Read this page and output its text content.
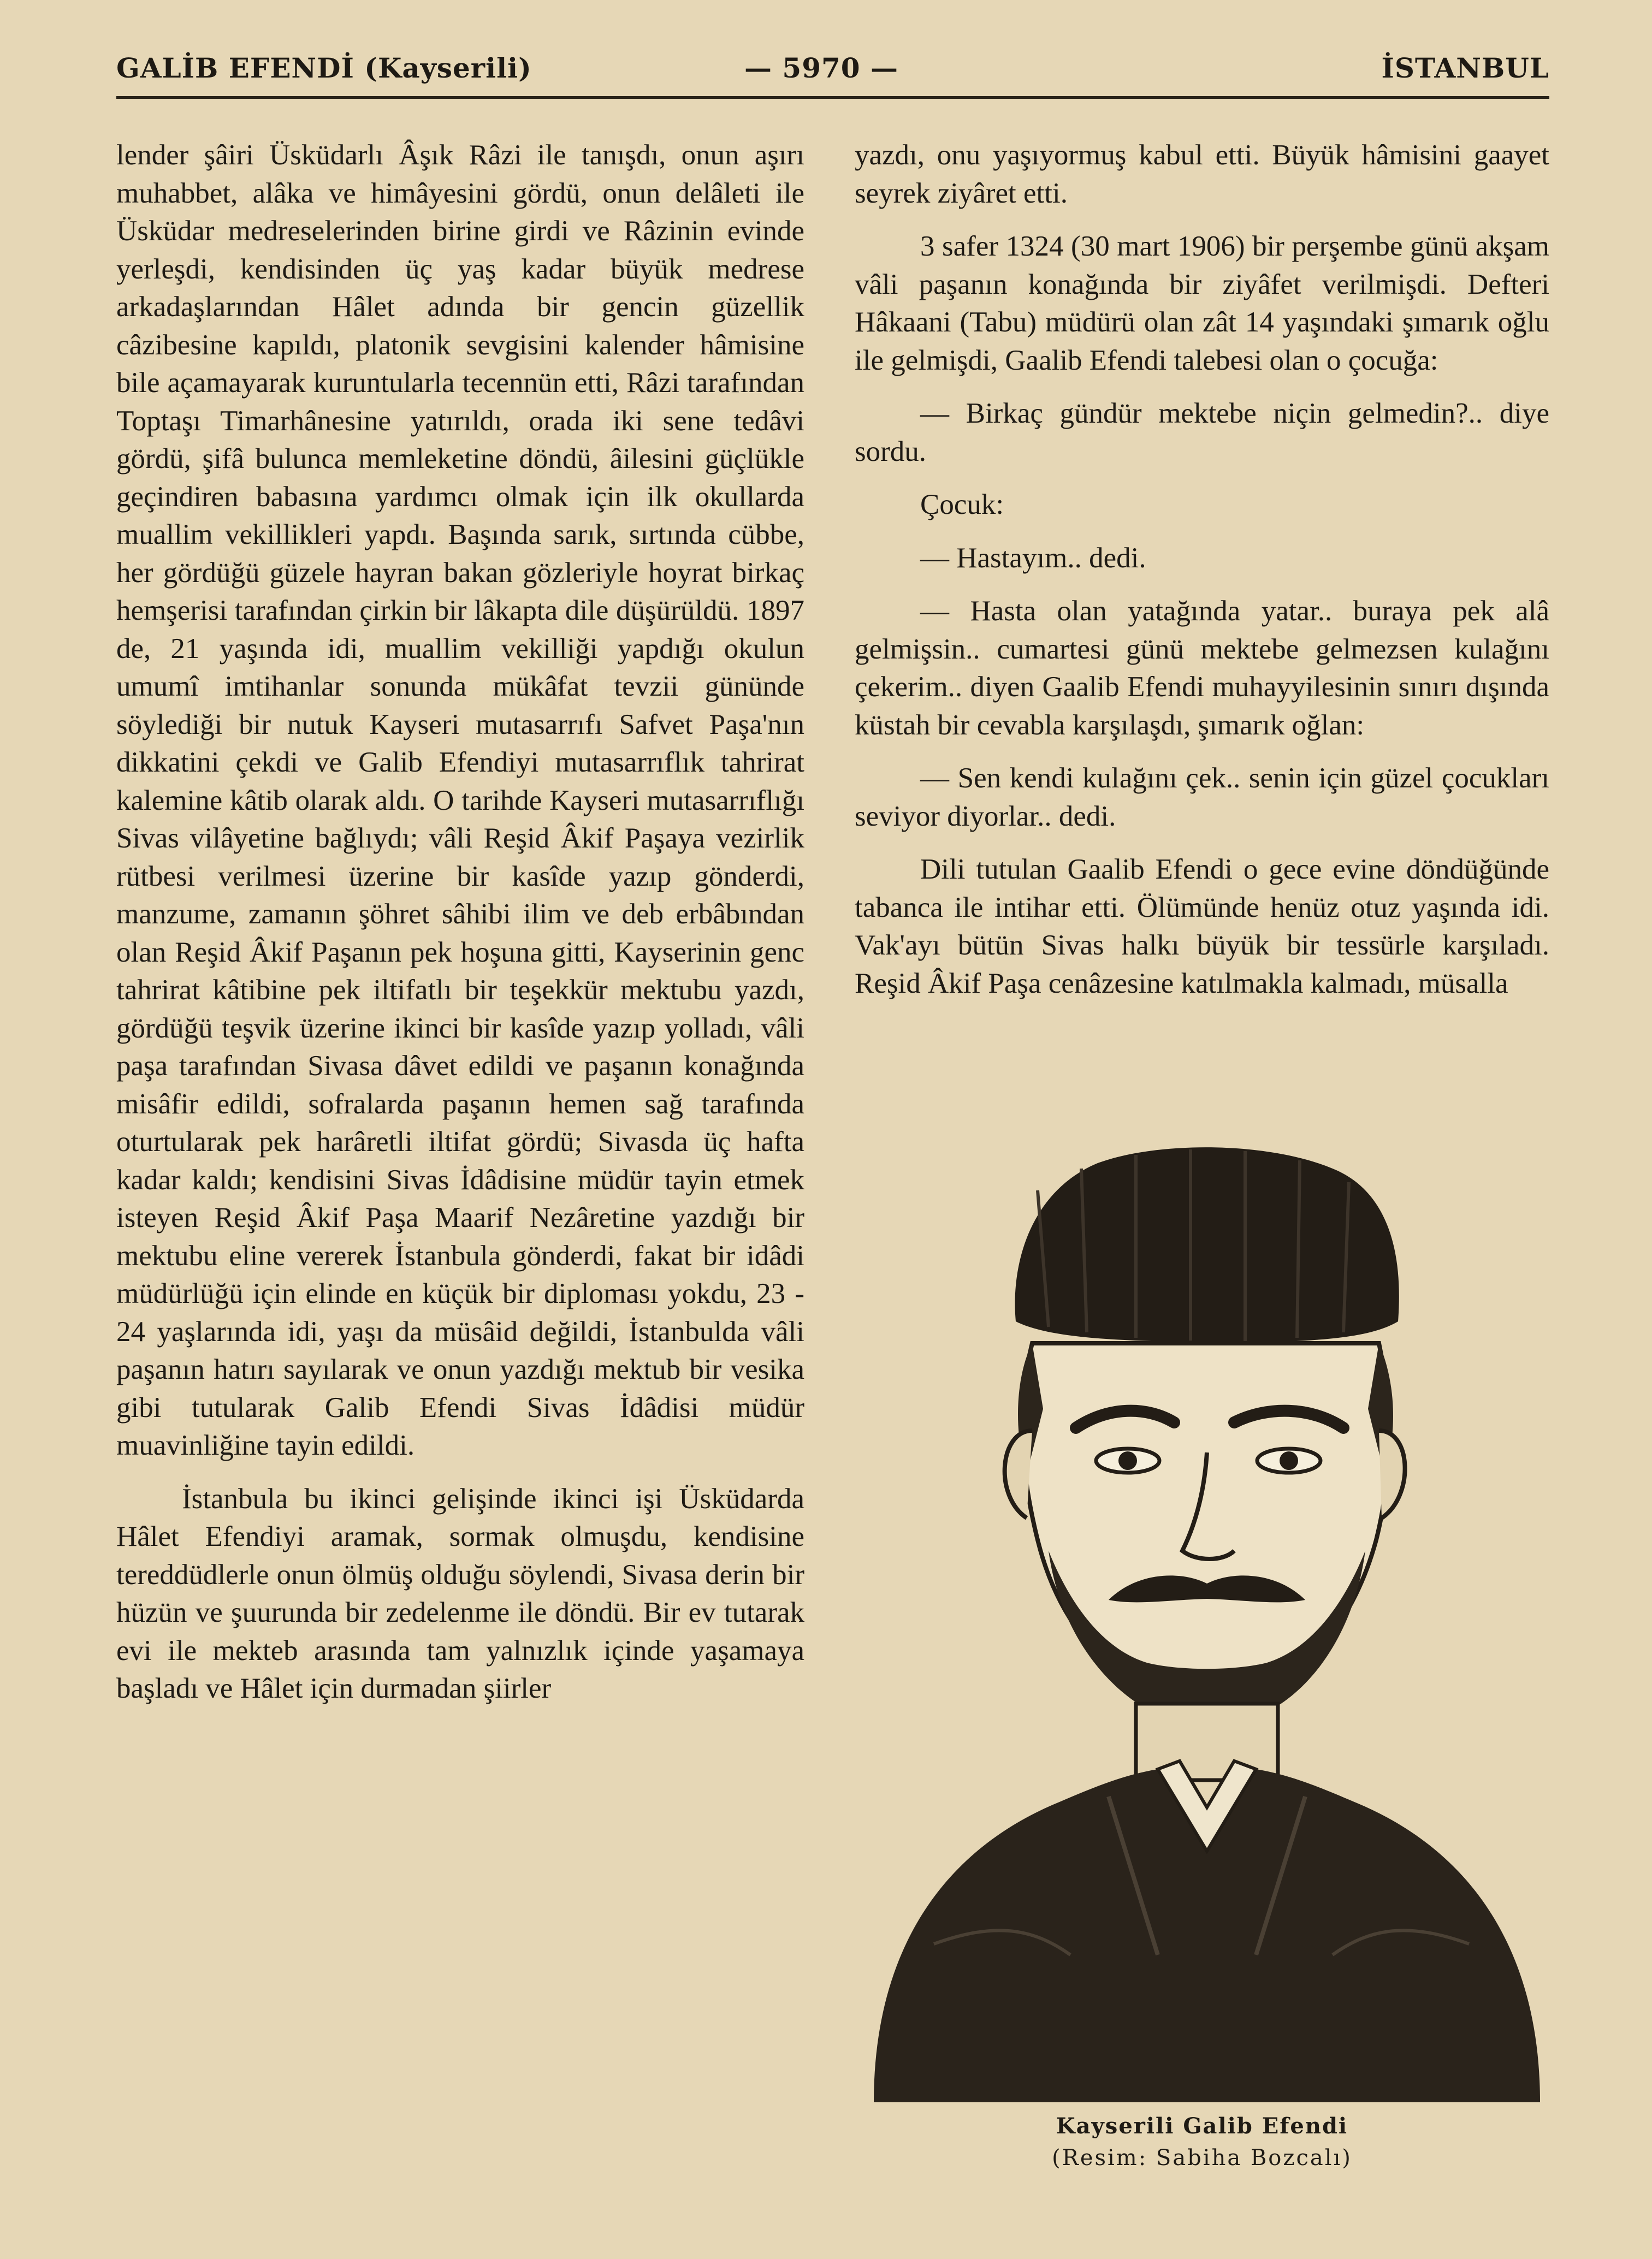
GALİB EFENDİ (Kayserili)	— 5970 —	İSTANBUL

lender şâiri Üsküdarlı Âşık Râzi ile tanışdı, onun aşırı muhabbet, alâka ve himâyesini gördü, onun delâleti ile Üsküdar medreselerinden birine girdi ve Râzinin evinde yerleşdi, kendisinden üç yaş kadar büyük medrese arkadaşlarından Hâlet adında bir gencin güzellik câzibesine kapıldı, platonik sevgisini kalender hâmisine bile açamayarak kuruntularla tecennün etti, Râzi tarafından Toptaşı Timarhânesine yatırıldı, orada iki sene tedâvi gördü, şifâ bulunca memleketine döndü, âilesini güçlükle geçindiren babasına yardımcı olmak için ilk okullarda muallim vekillikleri yapdı. Başında sarık, sırtında cübbe, her gördüğü güzele hayran bakan gözleriyle hoyrat birkaç hemşerisi tarafından çirkin bir lâkapta dile düşürüldü. 1897 de, 21 yaşında idi, muallim vekilliği yapdığı okulun umumî imtihanlar sonunda mükâfat tevzii gününde söylediği bir nutuk Kayseri mutasarrıfı Safvet Paşa'nın dikkatini çekdi ve Galib Efendiyi mutasarrıflık tahrirat kalemine kâtib olarak aldı. O tarihde Kayseri mutasarrıflığı Sivas vilâyetine bağlıydı; vâli Reşid Âkif Paşaya vezirlik rütbesi verilmesi üzerine bir kasîde yazıp gönderdi, manzume, zamanın şöhret sâhibi ilim ve deb erbâbından olan Reşid Âkif Paşanın pek hoşuna gitti, Kayserinin genc tahrirat kâtibine pek iltifatlı bir teşekkür mektubu yazdı, gördüğü teşvik üzerine ikinci bir kasîde yazıp yolladı, vâli paşa tarafından Sivasa dâvet edildi ve paşanın konağında misâfir edildi, sofralarda paşanın hemen sağ tarafında oturtularak pek harâretli iltifat gördü; Sivasda üç hafta kadar kaldı; kendisini Sivas İdâdisine müdür tayin etmek isteyen Reşid Âkif Paşa Maarif Nezâretine yazdığı bir mektubu eline vererek İstanbula gönderdi, fakat bir idâdi müdürlüğü için elinde en küçük bir diploması yokdu, 23 - 24 yaşlarında idi, yaşı da müsâid değildi, İstanbulda vâli paşanın hatırı sayılarak ve onun yazdığı mektub bir vesika gibi tutularak Galib Efendi Sivas İdâdisi müdür muavinliğine tayin edildi.

İstanbula bu ikinci gelişinde ikinci işi Üsküdarda Hâlet Efendiyi aramak, sormak olmuşdu, kendisine tereddüdlerle onun ölmüş olduğu söylendi, Sivasa derin bir hüzün ve şuurunda bir zedelenme ile döndü. Bir ev tutarak evi ile mekteb arasında tam yalnızlık içinde yaşamaya başladı ve Hâlet için durmadan şiirler

yazdı, onu yaşıyormuş kabul etti. Büyük hâmisini gaayet seyrek ziyâret etti.

3 safer 1324 (30 mart 1906) bir perşembe günü akşam vâli paşanın konağında bir ziyâfet verilmişdi. Defteri Hâkaani (Tabu) müdürü olan zât 14 yaşındaki şımarık oğlu ile gelmişdi, Gaalib Efendi talebesi olan o çocuğa:

— Birkaç gündür mektebe niçin gelmedin?.. diye sordu.

Çocuk:

— Hastayım.. dedi.

— Hasta olan yatağında yatar.. buraya pek alâ gelmişsin.. cumartesi günü mektebe gelmezsen kulağını çekerim.. diyen Gaalib Efendi muhayyilesinin sınırı dışında küstah bir cevabla karşılaşdı, şımarık oğlan:

— Sen kendi kulağını çek.. senin için güzel çocukları seviyor diyorlar.. dedi.

Dili tutulan Gaalib Efendi o gece evine döndüğünde tabanca ile intihar etti. Ölümünde henüz otuz yaşında idi. Vak'ayı bütün Sivas halkı büyük bir tessürle karşıladı. Reşid Âkif Paşa cenâzesine katılmakla kalmadı, müsalla

Kayserili Galib Efendi
(Resim: Sabiha Bozcalı)
